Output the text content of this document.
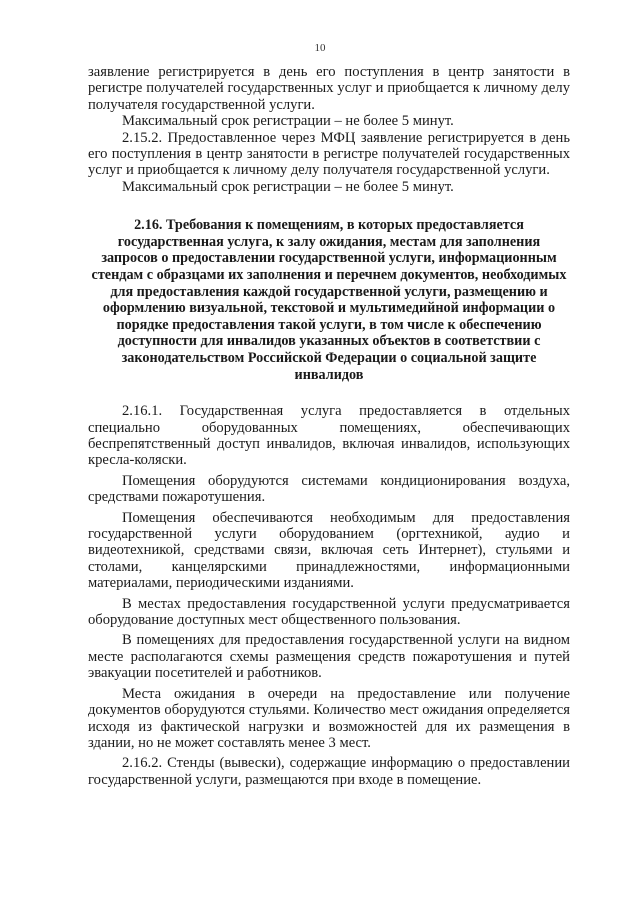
10

заявление регистрируется в день его поступления в центр занятости в регистре получателей государственных услуг и приобщается к личному делу получателя государственной услуги.

Максимальный срок регистрации – не более 5 минут.

2.15.2. Предоставленное через МФЦ заявление регистрируется в день его поступления в центр занятости в регистре получателей государственных услуг и приобщается к личному делу получателя государственной услуги.

Максимальный срок регистрации – не более 5 минут.

2.16. Требования к помещениям, в которых предоставляется государственная услуга, к залу ожидания, местам для заполнения запросов о предоставлении государственной услуги, информационным стендам с образцами их заполнения и перечнем документов, необходимых для предоставления каждой государственной услуги, размещению и оформлению визуальной, текстовой и мультимедийной информации о порядке предоставления такой услуги, в том числе к обеспечению доступности для инвалидов указанных объектов в соответствии с законодательством Российской Федерации о социальной защите инвалидов

2.16.1. Государственная услуга предоставляется в отдельных специально оборудованных помещениях, обеспечивающих беспрепятственный доступ инвалидов, включая инвалидов, использующих кресла-коляски.

Помещения оборудуются системами кондиционирования воздуха, средствами пожаротушения.

Помещения обеспечиваются необходимым для предоставления государственной услуги оборудованием (оргтехникой, аудио и видеотехникой, средствами связи, включая сеть Интернет), стульями и столами, канцелярскими принадлежностями, информационными материалами, периодическими изданиями.

В местах предоставления государственной услуги предусматривается оборудование доступных мест общественного пользования.

В помещениях для предоставления государственной услуги на видном месте располагаются схемы размещения средств пожаротушения и путей эвакуации посетителей и работников.

Места ожидания в очереди на предоставление или получение документов оборудуются стульями. Количество мест ожидания определяется исходя из фактической нагрузки и возможностей для их размещения в здании, но не может составлять менее 3 мест.

2.16.2. Стенды (вывески), содержащие информацию о предоставлении государственной услуги, размещаются при входе в помещение.
